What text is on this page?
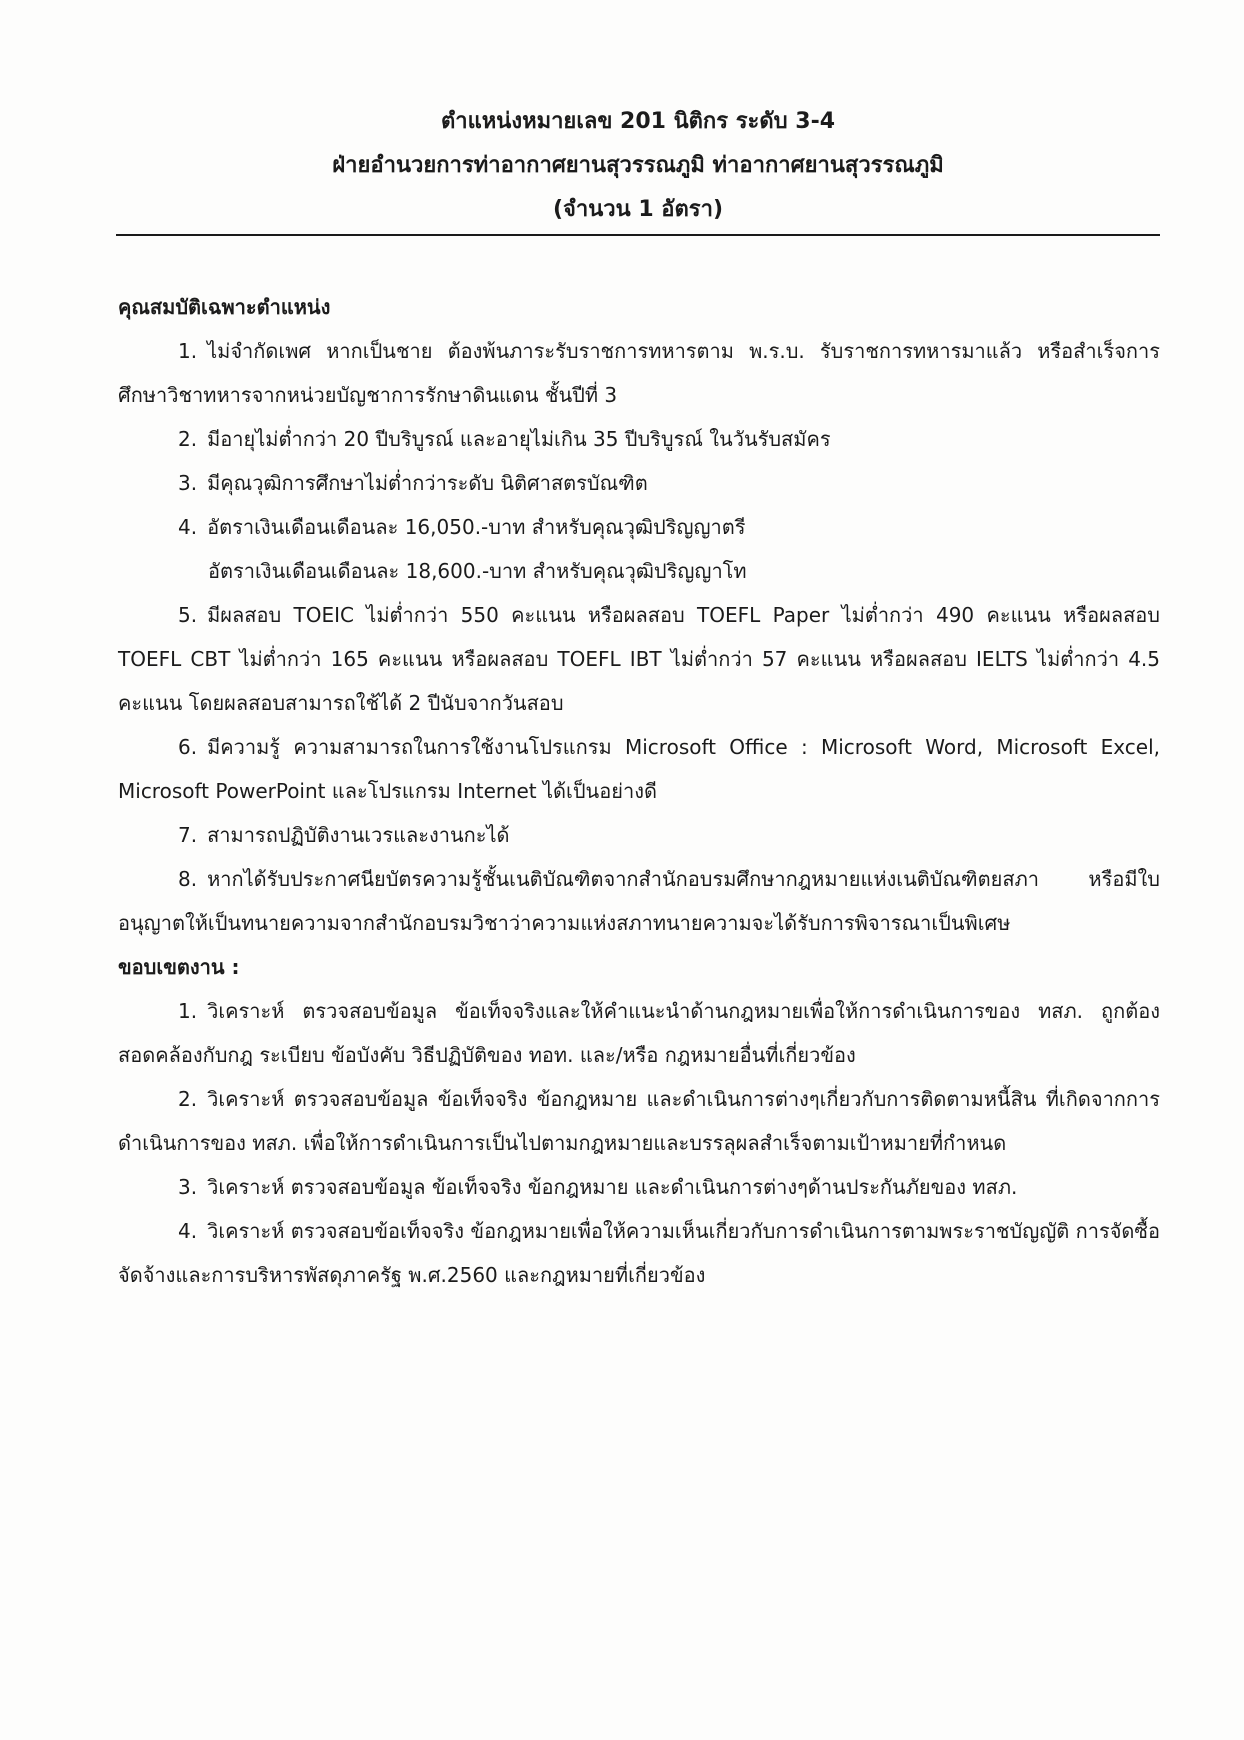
ตำแหน่งหมายเลข 201 นิติกร ระดับ 3-4
ฝ่ายอำนวยการท่าอากาศยานสุวรรณภูมิ ท่าอากาศยานสุวรรณภูมิ
(จำนวน 1 อัตรา)
คุณสมบัติเฉพาะตำแหน่ง
1. ไม่จำกัดเพศ หากเป็นชาย ต้องพ้นภาระรับราชการทหารตาม พ.ร.บ. รับราชการทหารมาแล้ว หรือสำเร็จการศึกษาวิชาทหารจากหน่วยบัญชาการรักษาดินแดน ชั้นปีที่ 3
2. มีอายุไม่ต่ำกว่า 20 ปีบริบูรณ์ และอายุไม่เกิน 35 ปีบริบูรณ์ ในวันรับสมัคร
3. มีคุณวุฒิการศึกษาไม่ต่ำกว่าระดับ นิติศาสตรบัณฑิต
4. อัตราเงินเดือนเดือนละ 16,050.-บาท สำหรับคุณวุฒิปริญญาตรี
อัตราเงินเดือนเดือนละ 18,600.-บาท สำหรับคุณวุฒิปริญญาโท
5. มีผลสอบ TOEIC ไม่ต่ำกว่า 550 คะแนน หรือผลสอบ TOEFL Paper ไม่ต่ำกว่า 490 คะแนน หรือผลสอบ TOEFL CBT ไม่ต่ำกว่า 165 คะแนน หรือผลสอบ TOEFL IBT ไม่ต่ำกว่า 57 คะแนน หรือผลสอบ IELTS ไม่ต่ำกว่า 4.5 คะแนน โดยผลสอบสามารถใช้ได้ 2 ปีนับจากวันสอบ
6. มีความรู้ ความสามารถในการใช้งานโปรแกรม Microsoft Office : Microsoft Word, Microsoft Excel, Microsoft PowerPoint และโปรแกรม Internet ได้เป็นอย่างดี
7. สามารถปฏิบัติงานเวรและงานกะได้
8. หากได้รับประกาศนียบัตรความรู้ชั้นเนติบัณฑิตจากสำนักอบรมศึกษากฎหมายแห่งเนติบัณฑิตยสภา หรือมีใบอนุญาตให้เป็นทนายความจากสำนักอบรมวิชาว่าความแห่งสภาทนายความจะได้รับการพิจารณาเป็นพิเศษ
ขอบเขตงาน :
1. วิเคราะห์ ตรวจสอบข้อมูล ข้อเท็จจริงและให้คำแนะนำด้านกฎหมายเพื่อให้การดำเนินการของ ทสภ. ถูกต้อง สอดคล้องกับกฎ ระเบียบ ข้อบังคับ วิธีปฏิบัติของ ทอท. และ/หรือ กฎหมายอื่นที่เกี่ยวข้อง
2. วิเคราะห์ ตรวจสอบข้อมูล ข้อเท็จจริง ข้อกฎหมาย และดำเนินการต่างๆเกี่ยวกับการติดตามหนี้สิน ที่เกิดจากการดำเนินการของ ทสภ. เพื่อให้การดำเนินการเป็นไปตามกฎหมายและบรรลุผลสำเร็จตามเป้าหมายที่กำหนด
3. วิเคราะห์ ตรวจสอบข้อมูล ข้อเท็จจริง ข้อกฎหมาย และดำเนินการต่างๆด้านประกันภัยของ ทสภ.
4. วิเคราะห์ ตรวจสอบข้อเท็จจริง ข้อกฎหมายเพื่อให้ความเห็นเกี่ยวกับการดำเนินการตามพระราชบัญญัติ การจัดซื้อจัดจ้างและการบริหารพัสดุภาครัฐ พ.ศ.2560 และกฎหมายที่เกี่ยวข้อง
